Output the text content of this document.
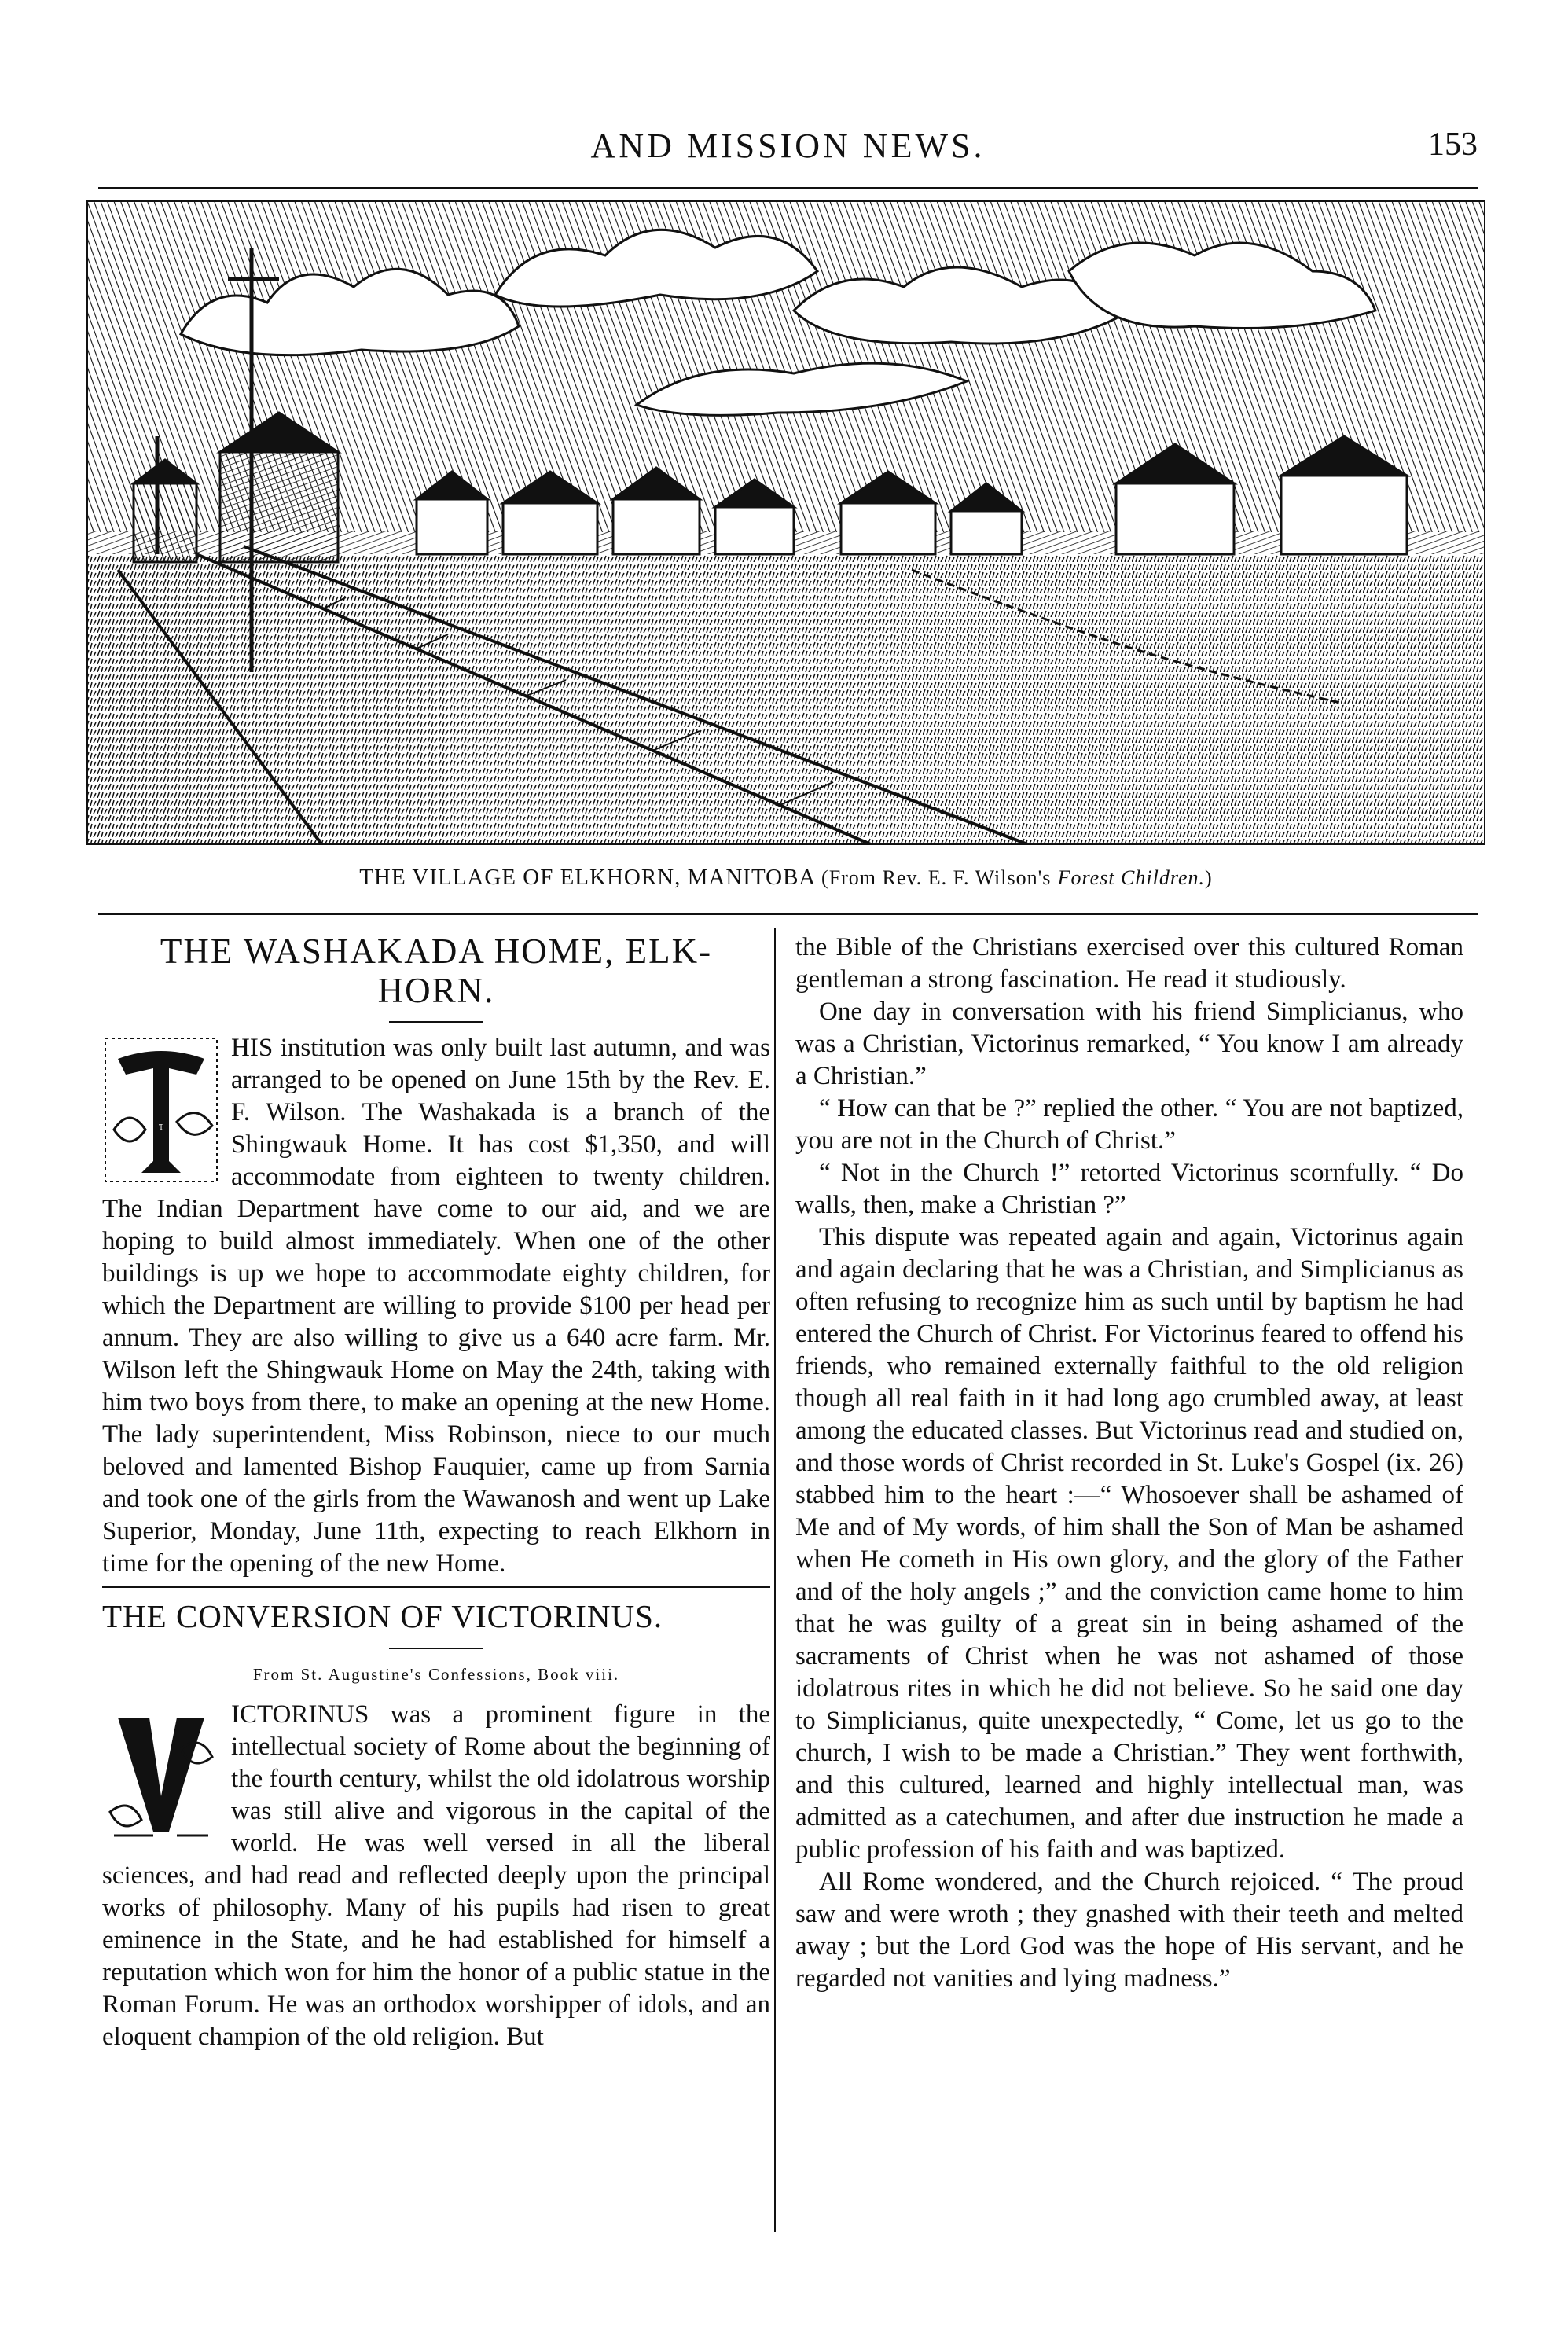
AND MISSION NEWS.	153
THE VILLAGE OF ELKHORN, MANITOBA (From Rev. E. F. Wilson's Forest Children.)
THE WASHAKADA HOME, ELK-HORN.

T
HIS institution was only built last autumn, and was arranged to be opened on June 15th by the Rev. E. F. Wilson. The Washakada is a branch of the Shingwauk Home. It has cost $1,350, and will accommodate from eighteen to twenty children. The Indian Department have come to our aid, and we are hoping to build almost immediately. When one of the other buildings is up we hope to accommodate eighty children, for which the Department are willing to provide $100 per head per annum. They are also willing to give us a 640 acre farm. Mr. Wilson left the Shingwauk Home on May the 24th, taking with him two boys from there, to make an opening at the new Home. The lady superintendent, Miss Robinson, niece to our much beloved and lamented Bishop Fauquier, came up from Sarnia and took one of the girls from the Wawanosh and went up Lake Superior, Monday, June 11th, expecting to reach Elkhorn in time for the opening of the new Home.

THE CONVERSION OF VICTORINUS.
From St. Augustine's Confessions, Book viii.

V
ICTORINUS was a prominent figure in the intellectual society of Rome about the beginning of the fourth century, whilst the old idolatrous worship was still alive and vigorous in the capital of the world. He was well versed in all the liberal sciences, and had read and reflected deeply upon the principal works of philosophy. Many of his pupils had risen to great eminence in the State, and he had established for himself a reputation which won for him the honor of a public statue in the Roman Forum. He was an orthodox worshipper of idols, and an eloquent champion of the old religion. But

the Bible of the Christians exercised over this cultured Roman gentleman a strong fascination. He read it studiously.

One day in conversation with his friend Simplicianus, who was a Christian, Victorinus remarked, “ You know I am already a Christian.”

“ How can that be ?” replied the other. “ You are not baptized, you are not in the Church of Christ.”

“ Not in the Church !” retorted Victorinus scornfully. “ Do walls, then, make a Christian ?”

This dispute was repeated again and again, Victorinus again and again declaring that he was a Christian, and Simplicianus as often refusing to recognize him as such until by baptism he had entered the Church of Christ. For Victorinus feared to offend his friends, who remained externally faithful to the old religion though all real faith in it had long ago crumbled away, at least among the educated classes. But Victorinus read and studied on, and those words of Christ recorded in St. Luke's Gospel (ix. 26) stabbed him to the heart :—“ Whosoever shall be ashamed of Me and of My words, of him shall the Son of Man be ashamed when He cometh in His own glory, and the glory of the Father and of the holy angels ;” and the conviction came home to him that he was guilty of a great sin in being ashamed of the sacraments of Christ when he was not ashamed of those idolatrous rites in which he did not believe. So he said one day to Simplicianus, quite unexpectedly, “ Come, let us go to the church, I wish to be made a Christian.” They went forthwith, and this cultured, learned and highly intellectual man, was admitted as a catechumen, and after due instruction he made a public profession of his faith and was baptized.

All Rome wondered, and the Church rejoiced. “ The proud saw and were wroth ; they gnashed with their teeth and melted away ; but the Lord God was the hope of His servant, and he regarded not vanities and lying madness.”
